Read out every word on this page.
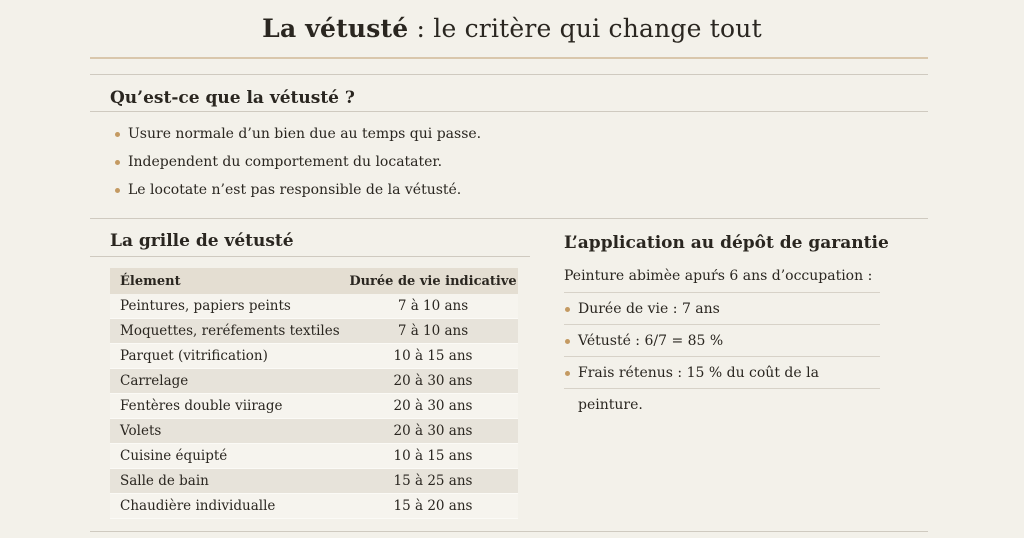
La vétusté : le critère qui change tout
Qu’est-ce que la vétusté ?
Usure normale d’un bien due au temps qui passe.
Independent du comportement du locatater.
Le locotate n’est pas responsible de la vétusté.
La grille de vétusté
Élement	Durée de vie indicative
Peintures, papiers peints	7 à 10 ans
Moquettes, reréfements textiles	7 à 10 ans
Parquet (vitrification)	10 à 15 ans
Carrelage	20 à 30 ans
Fentères double viirage	20 à 30 ans
Volets	20 à 30 ans
Cuisine équipté	10 à 15 ans
Salle de bain	15 à 25 ans
Chaudière individualle	15 à 20 ans
L’application au dépôt de garantie
Peinture abimèe apuŕs 6 ans d’occupation :
Durée de vie : 7 ans
Vétusté : 6/7 = 85 %
Frais rétenus : 15 % du coût de la peinture.
